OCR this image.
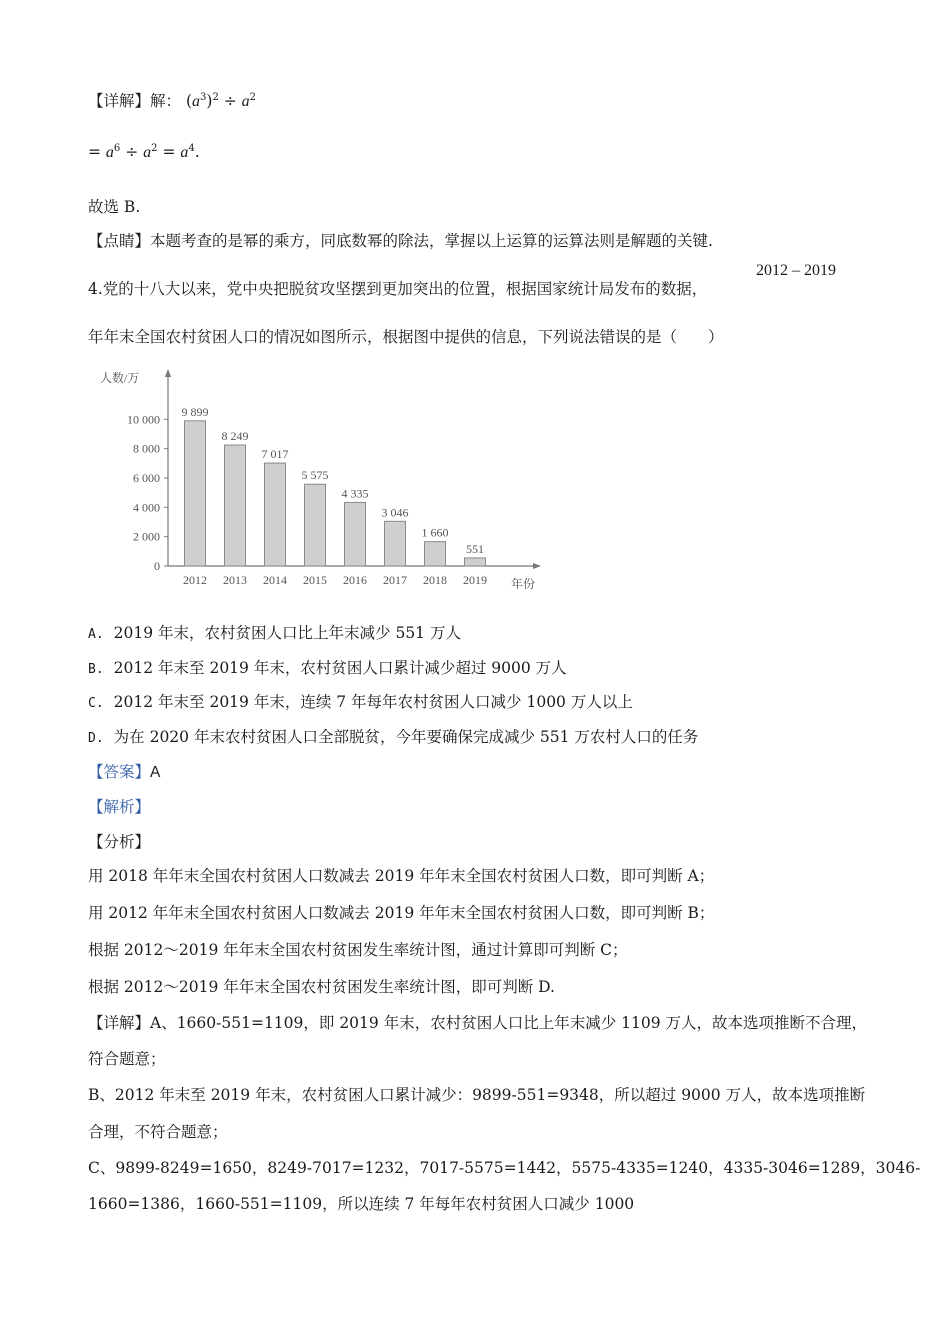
【详解】解： $(a^3)^2 \div a^2$
= $a^6 \div a^2 = a^4$.
故选 B.
【点睛】本题考查的是幂的乘方，同底数幂的除法，掌握以上运算的运算法则是解题的关键.
4.党的十八大以来，党中央把脱贫攻坚摆到更加突出的位置，根据国家统计局发布的数据，
2012 – 2019
年年末全国农村贫困人口的情况如图所示，根据图中提供的信息，下列说法错误的是（　　）
0
2 000
4 000
6 000
8 000
10 000
人数/万
年份
9 899
2012
8 249
2013
7 017
2014
5 575
2015
4 335
2016
3 046
2017
1 660
2018
551
2019
A. 2019 年末，农村贫困人口比上年末减少 551 万人
B. 2012 年末至 2019 年末，农村贫困人口累计减少超过 9000 万人
C. 2012 年末至 2019 年末，连续 7 年每年农村贫困人口减少 1000 万人以上
D. 为在 2020 年末农村贫困人口全部脱贫，今年要确保完成减少 551 万农村人口的任务
【答案】A
【解析】
【分析】
用 2018 年年末全国农村贫困人口数减去 2019 年年末全国农村贫困人口数，即可判断 A；
用 2012 年年末全国农村贫困人口数减去 2019 年年末全国农村贫困人口数，即可判断 B；
根据 2012～2019 年年末全国农村贫困发生率统计图，通过计算即可判断 C；
根据 2012～2019 年年末全国农村贫困发生率统计图，即可判断 D.
【详解】A、1660-551=1109，即 2019 年末，农村贫困人口比上年末减少 1109 万人，故本选项推断不合理，
符合题意；
B、2012 年末至 2019 年末，农村贫困人口累计减少：9899-551=9348，所以超过 9000 万人，故本选项推断
合理，不符合题意；
C、9899-8249=1650，8249-7017=1232，7017-5575=1442，5575-4335=1240，4335-3046=1289，3046-
1660=1386，1660-551=1109，所以连续 7 年每年农村贫困人口减少 1000
